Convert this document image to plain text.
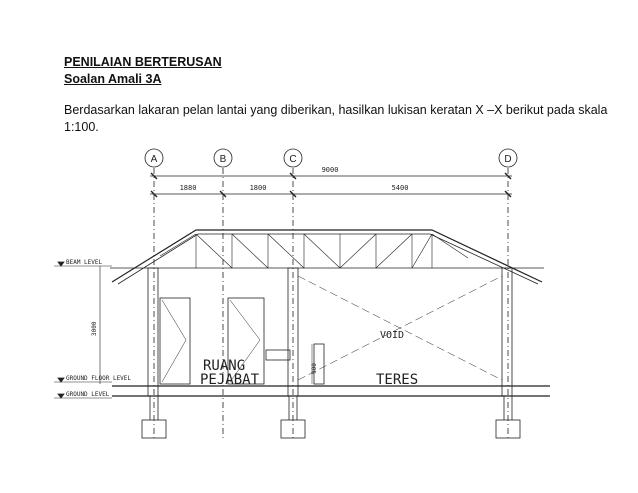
PENILAIAN BERTERUSAN
Soalan Amali 3A
Berdasarkan lakaran pelan lantai yang diberikan, hasilkan lukisan keratan X –X berikut pada skala 1:100.
A	B	C	D
9000
1880	1800	5400
BEAM LEVEL
GROUND FLOOR LEVEL
GROUND LEVEL
3000
900
RUANG
PEJABAT	TERES
VOID
